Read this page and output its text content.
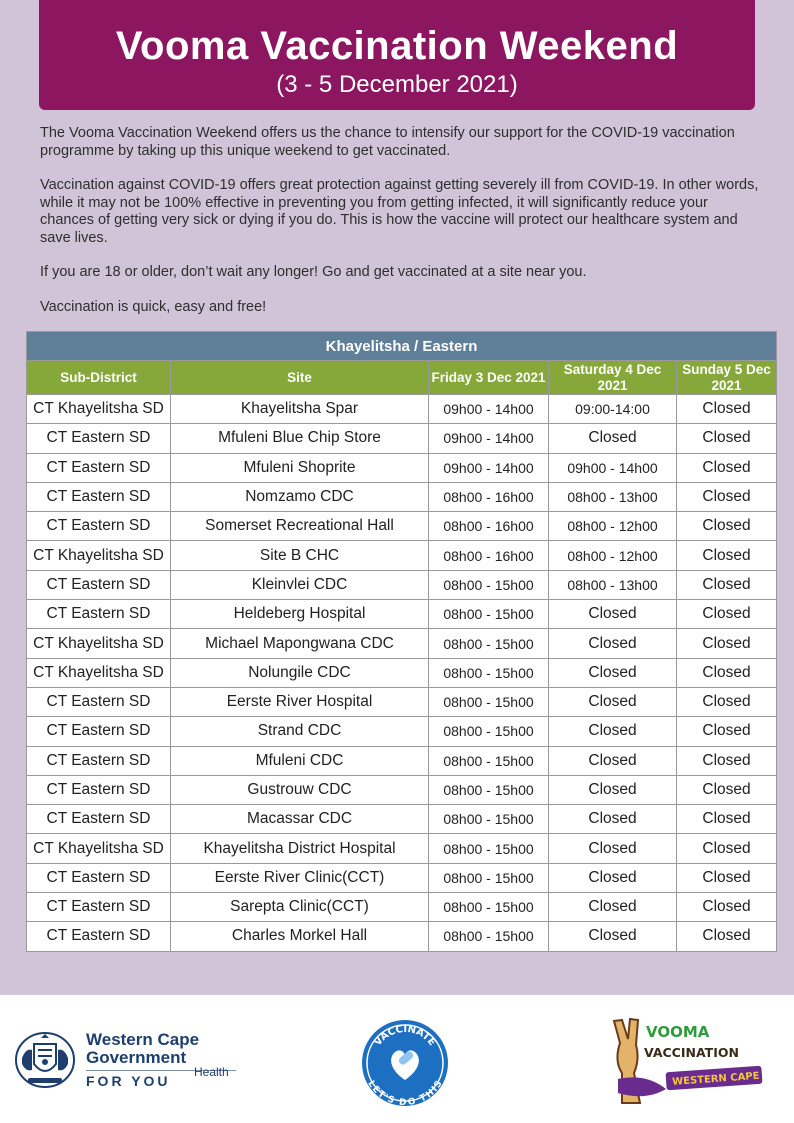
Vooma Vaccination Weekend
(3 - 5 December 2021)

The Vooma Vaccination Weekend offers us the chance to intensify our support for the COVID-19 vaccination programme by taking up this unique weekend to get vaccinated.

Vaccination against COVID-19 offers great protection against getting severely ill from COVID-19. In other words, while it may not be 100% effective in preventing you from getting infected, it will significantly reduce your chances of getting very sick or dying if you do. This is how the vaccine will protect our healthcare system and save lives.

If you are 18 or older, don’t wait any longer! Go and get vaccinated at a site near you.

Vaccination is quick, easy and free!

Khayelitsha / Eastern				
Sub-District	Site	Friday 3 Dec 2021	Saturday 4 Dec 2021	Sunday 5 Dec 2021
CT Khayelitsha SD	Khayelitsha Spar	09h00 - 14h00	09:00-14:00	Closed
CT Eastern SD	Mfuleni Blue Chip Store	09h00 - 14h00	Closed	Closed
CT Eastern SD	Mfuleni Shoprite	09h00 - 14h00	09h00 - 14h00	Closed
CT Eastern SD	Nomzamo CDC	08h00 - 16h00	08h00 - 13h00	Closed
CT Eastern SD	Somerset Recreational Hall	08h00 - 16h00	08h00 - 12h00	Closed
CT Khayelitsha SD	Site B CHC	08h00 - 16h00	08h00 - 12h00	Closed
CT Eastern SD	Kleinvlei CDC	08h00 - 15h00	08h00 - 13h00	Closed
CT Eastern SD	Heldeberg Hospital	08h00 - 15h00	Closed	Closed
CT Khayelitsha SD	Michael Mapongwana CDC	08h00 - 15h00	Closed	Closed
CT Khayelitsha SD	Nolungile CDC	08h00 - 15h00	Closed	Closed
CT Eastern SD	Eerste River Hospital	08h00 - 15h00	Closed	Closed
CT Eastern SD	Strand CDC	08h00 - 15h00	Closed	Closed
CT Eastern SD	Mfuleni CDC	08h00 - 15h00	Closed	Closed
CT Eastern SD	Gustrouw CDC	08h00 - 15h00	Closed	Closed
CT Eastern SD	Macassar CDC	08h00 - 15h00	Closed	Closed
CT Khayelitsha SD	Khayelitsha District Hospital	08h00 - 15h00	Closed	Closed
CT Eastern SD	Eerste River Clinic(CCT)	08h00 - 15h00	Closed	Closed
CT Eastern SD	Sarepta Clinic(CCT)	08h00 - 15h00	Closed	Closed
CT Eastern SD	Charles Morkel Hall	08h00 - 15h00	Closed	Closed
Western Cape
Government
FOR YOU
Health
VACCINATE
LET'S DO THIS
VOOMA
VACCINATION
WESTERN CAPE
